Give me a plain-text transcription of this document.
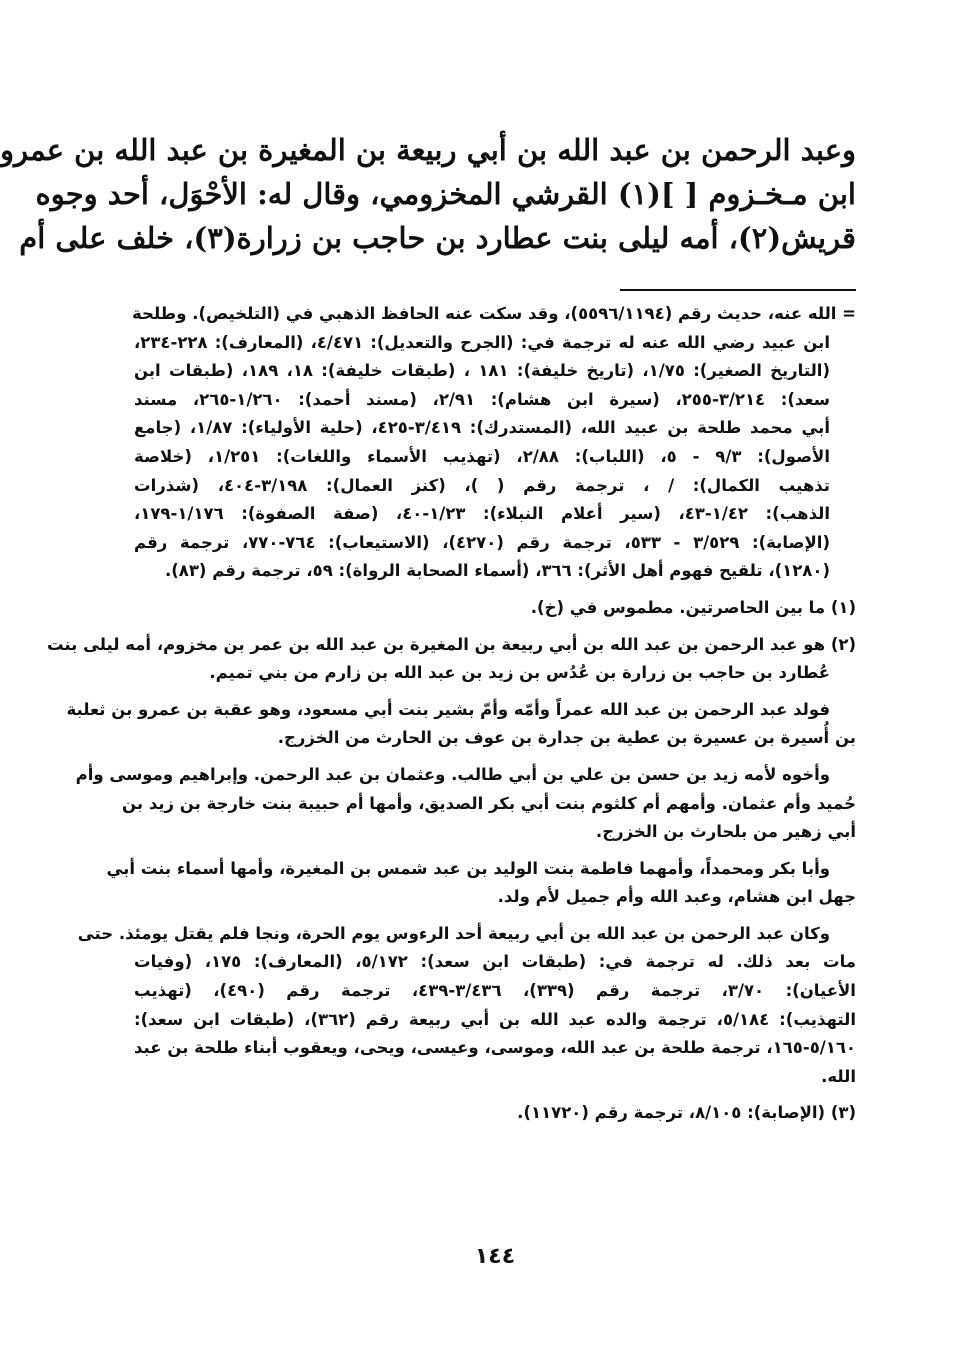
وعبد الرحمن بن عبد الله بن أبي ربيعة بن المغيرة بن عبد الله بن عمرو

ابن مـخـزوم [ ](١) القرشي المخزومي، وقال له: الأحْوَل، أحد وجوه

قريش(٢)، أمه ليلى بنت عطارد بن حاجب بن زرارة(٣)، خلف على أم

= الله عنه، حديث رقم (٥٥٩٦/١١٩٤)، وقد سكت عنه الحافظ الذهبي في (التلخيص). وطلحة
ابن عبيد رضي الله عنه له ترجمة في: (الجرح والتعديل): ٤/٤٧١، (المعارف): ٢٢٨-٢٣٤،
(التاريخ الصغير): ١/٧٥، (تاريخ خليفة): ١٨١ ، (طبقات خليفة): ١٨، ١٨٩، (طبقات ابن
سعد): ٣/٢١٤-٢٥٥، (سيرة ابن هشام): ٢/٩١، (مسند أحمد): ١/٢٦٠-٢٦٥، مسند
أبي محمد طلحة بن عبيد الله، (المستدرك): ٣/٤١٩-٤٢٥، (حلية الأولياء): ١/٨٧، (جامع
الأصول): ٩/٣ - ٥، (اللباب): ٢/٨٨، (تهذيب الأسماء واللغات): ١/٢٥١، (خلاصة
تذهيب الكمال): / ، ترجمة رقم ( )، (كنز العمال): ٣/١٩٨-٤٠٤، (شذرات
الذهب): ١/٤٢-٤٣، (سير أعلام النبلاء): ١/٢٣-٤٠، (صفة الصفوة): ١/١٧٦-١٧٩،
(الإصابة): ٣/٥٢٩ - ٥٣٣، ترجمة رقم (٤٢٧٠)، (الاستيعاب): ٧٦٤-٧٧٠، ترجمة رقم
(١٢٨٠)، تلقيح فهوم أهل الأثر): ٣٦٦، (أسماء الصحابة الرواة): ٥٩، ترجمة رقم (٨٣).
(١) ما بين الحاصرتين. مطموس في (خ).
(٢) هو عبد الرحمن بن عبد الله بن أبي ربيعة بن المغيرة بن عبد الله بن عمر بن مخزوم، أمه ليلى بنت
عُطارد بن حاجب بن زرارة بن عُدُس بن زيد بن عبد الله بن زارم من بني تميم.
فولد عبد الرحمن بن عبد الله عمراً وأمّه وأمّ بشير بنت أبي مسعود، وهو عقبة بن عمرو بن ثعلبة
بن أُسيرة بن عسيرة بن عطية بن جدارة بن عوف بن الحارث من الخزرج.
وأخوه لأمه زيد بن حسن بن علي بن أبي طالب. وعثمان بن عبد الرحمن. وإبراهيم وموسى وأم
حُميد وأم عثمان. وأمهم أم كلثوم بنت أبي بكر الصديق، وأمها أم حبيبة بنت خارجة بن زيد بن
أبي زهير من بلحارث بن الخزرج.
وأبا بكر ومحمداً، وأمهما فاطمة بنت الوليد بن عبد شمس بن المغيرة، وأمها أسماء بنت أبي
جهل ابن هشام، وعبد الله وأم جميل لأم ولد.
وكان عبد الرحمن بن عبد الله بن أبي ربيعة أحد الرءوس يوم الحرة، ونجا فلم يقتل يومئذ. حتى
مات بعد ذلك. له ترجمة في: (طبقات ابن سعد): ٥/١٧٢، (المعارف): ١٧٥، (وفيات
الأعيان): ٣/٧٠، ترجمة رقم (٣٣٩)، ٣/٤٣٦-٤٣٩، ترجمة رقم (٤٩٠)، (تهذيب
التهذيب): ٥/١٨٤، ترجمة والده عبد الله بن أبي ربيعة رقم (٣٦٢)، (طبقات ابن سعد):
٥/١٦٠-١٦٥، ترجمة طلحة بن عبد الله، وموسى، وعيسى، ويحى، ويعقوب أبناء طلحة بن عبد
الله.
(٣) (الإصابة): ٨/١٠٥، ترجمة رقم (١١٧٢٠).
١٤٤
